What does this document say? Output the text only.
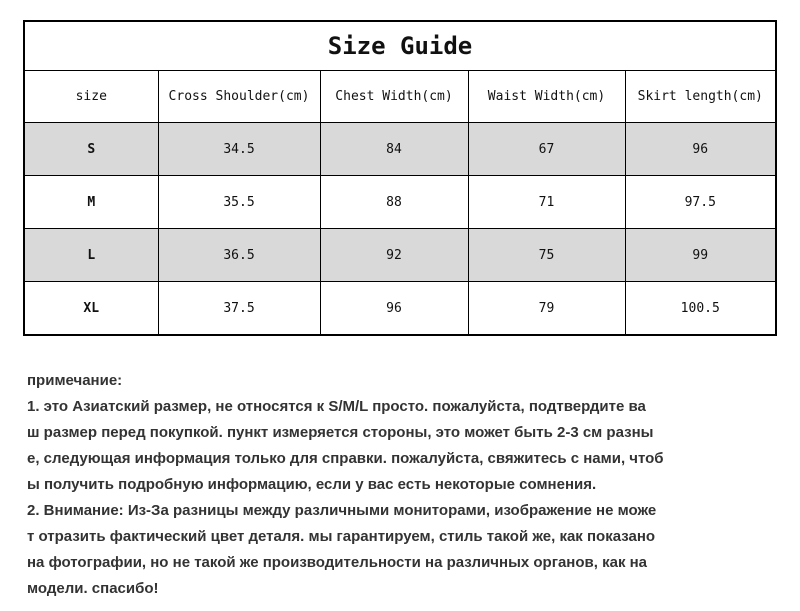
Size Guide
size	Cross Shoulder(cm)	Chest Width(cm)	Waist Width(cm)	Skirt length(cm)
S	34.5	84	67	96
M	35.5	88	71	97.5
L	36.5	92	75	99
XL	37.5	96	79	100.5

примечание:

1. это Азиатский размер, не относятся к S/M/L просто. пожалуйста, подтвердите ва

ш размер перед покупкой. пункт измеряется стороны, это может быть 2-3 см разны

е, следующая информация только для справки. пожалуйста, свяжитесь с нами, чтоб

ы получить подробную информацию, если у вас есть некоторые сомнения.

2. Внимание: Из-За разницы между различными мониторами, изображение не може

т отразить фактический цвет деталя. мы гарантируем, стиль такой же, как показано

на фотографии, но не такой же производительности на различных органов, как на

модели. спасибо!
